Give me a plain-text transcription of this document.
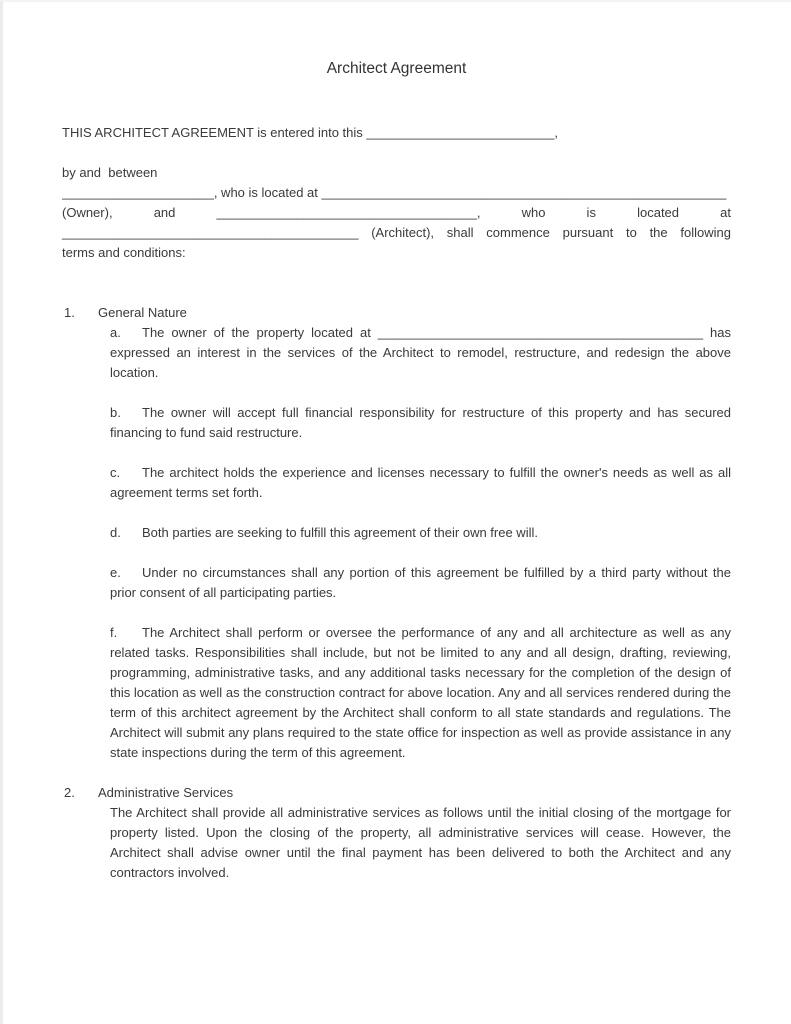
Architect Agreement

THIS ARCHITECT AGREEMENT is entered into this __________________________,

by and  between

_____________________, who is located at ________________________________________________________

(Owner), and ____________________________________, who is located at

_________________________________________ (Architect), shall commence pursuant to the following

terms and conditions:

1. General Nature

a. The owner of the property located at _____________________________________________ has expressed an interest in the services of the Architect to remodel, restructure, and redesign the above location.

b. The owner will accept full financial responsibility for restructure of this property and has secured financing to fund said restructure.

c. The architect holds the experience and licenses necessary to fulfill the owner's needs as well as all agreement terms set forth.

d. Both parties are seeking to fulfill this agreement of their own free will.

e. Under no circumstances shall any portion of this agreement be fulfilled by a third party without the prior consent of all participating parties.

f. The Architect shall perform or oversee the performance of any and all architecture as well as any related tasks. Responsibilities shall include, but not be limited to any and all design, drafting, reviewing, programming, administrative tasks, and any additional tasks necessary for the completion of the design of this location as well as the construction contract for above location. Any and all services rendered during the term of this architect agreement by the Architect shall conform to all state standards and regulations. The Architect will submit any plans required to the state office for inspection as well as provide assistance in any state inspections during the term of this agreement.

2. Administrative Services

The Architect shall provide all administrative services as follows until the initial closing of the mortgage for property listed. Upon the closing of the property, all administrative services will cease. However, the Architect shall advise owner until the final payment has been delivered to both the Architect and any contractors involved.
